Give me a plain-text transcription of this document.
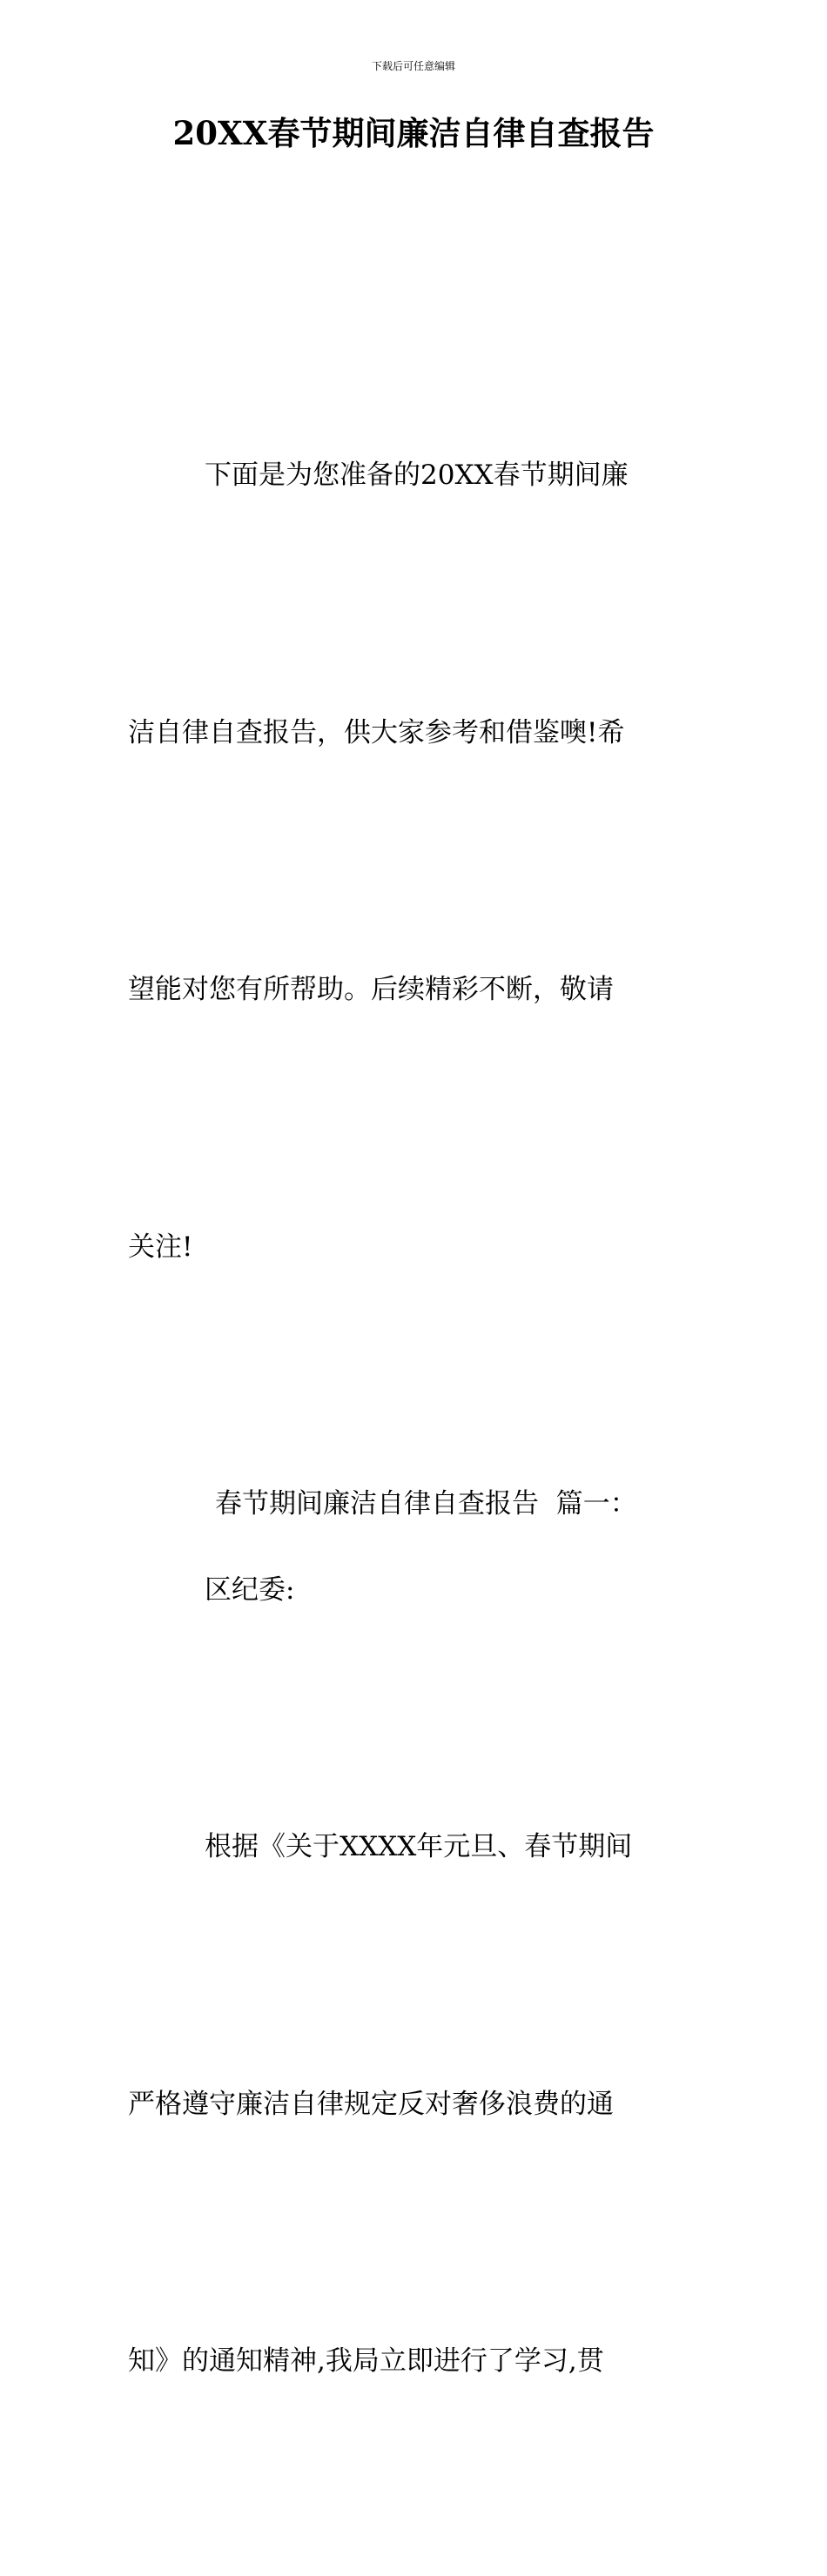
下载后可任意编辑
20XX春节期间廉洁自律自查报告

下面是为您准备的20XX春节期间廉

洁自律自查报告，供大家参考和借鉴噢!希

望能对您有所帮助。后续精彩不断，敬请

关注!

春节期间廉洁自律自查报告  篇一：

区纪委:

根据《关于XXXX年元旦、春节期间

严格遵守廉洁自律规定反对奢侈浪费的通

知》的通知精神,我局立即进行了学习,贯
